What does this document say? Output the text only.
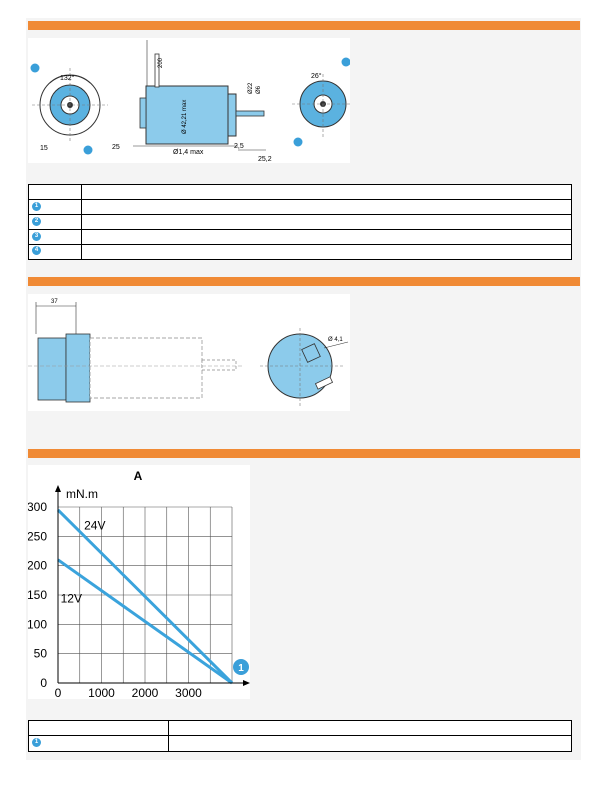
132°
15
200
Ø 42,21 max
Ø22 Ø6
Ø1,4 max
25	2,5
25,2
26°
1
2
3
4
37
Ø 4,1
A
mN.m
0
50
100
150
200
250
300
0 1000 2000 3000
24V
12V
1
1
